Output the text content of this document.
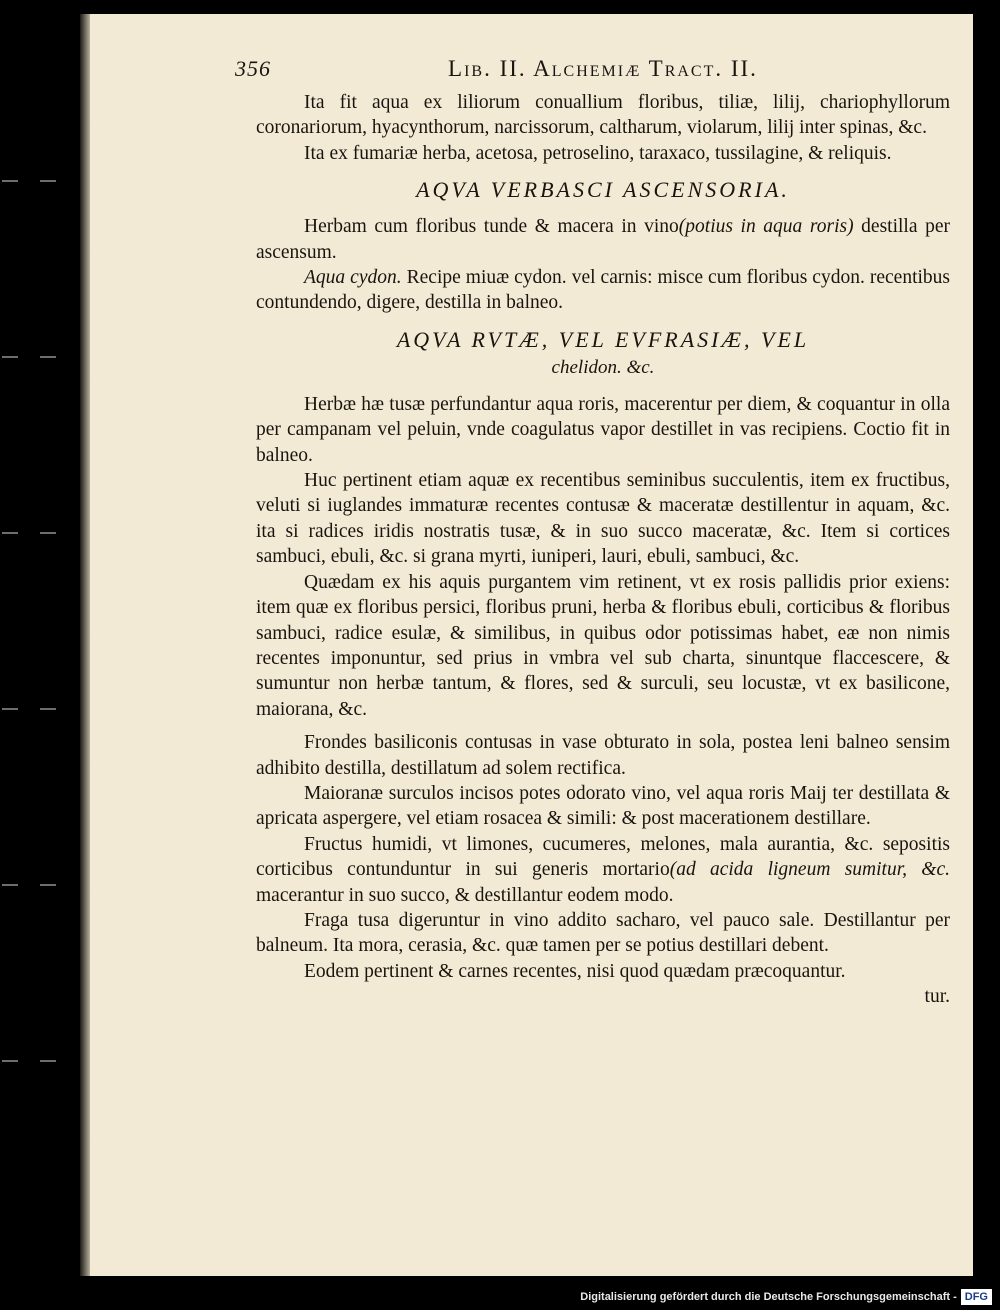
356	Lib. II. Alchemiæ Tract. II.

Ita fit aqua ex liliorum conuallium floribus, tiliæ, lilij, chariophyllorum coronariorum, hyacynthorum, narcissorum, caltharum, violarum, lilij inter spinas, &c.

Ita ex fumariæ herba, acetosa, petroselino, taraxaco, tussilagine, & reliquis.

AQVA VERBASCI ASCENSORIA.

Herbam cum floribus tunde & macera in vino(potius in aqua roris) destilla per ascensum.

Aqua cydon. Recipe miuæ cydon. vel carnis: misce cum floribus cydon. recentibus contundendo, digere, destilla in balneo.

AQVA RVTÆ, VEL EVFRASIÆ, VEL
chelidon. &c.

Herbæ hæ tusæ perfundantur aqua roris, macerentur per diem, & coquantur in olla per campanam vel peluin, vnde coagulatus vapor destillet in vas recipiens. Coctio fit in balneo.

Huc pertinent etiam aquæ ex recentibus seminibus succulentis, item ex fructibus, veluti si iuglandes immaturæ recentes contusæ & maceratæ destillentur in aquam, &c. ita si radices iridis nostratis tusæ, & in suo succo maceratæ, &c. Item si cortices sambuci, ebuli, &c. si grana myrti, iuniperi, lauri, ebuli, sambuci, &c.

Quædam ex his aquis purgantem vim retinent, vt ex rosis pallidis prior exiens: item quæ ex floribus persici, floribus pruni, herba & floribus ebuli, corticibus & floribus sambuci, radice esulæ, & similibus, in quibus odor potissimas habet, eæ non nimis recentes imponuntur, sed prius in vmbra vel sub charta, sinuntque flaccescere, & sumuntur non herbæ tantum, & flores, sed & surculi, seu locustæ, vt ex basilicone, maiorana, &c.

Frondes basiliconis contusas in vase obturato in sola, postea leni balneo sensim adhibito destilla, destillatum ad solem rectifica.

Maioranæ surculos incisos potes odorato vino, vel aqua roris Maij ter destillata & apricata aspergere, vel etiam rosacea & simili: & post macerationem destillare.

Fructus humidi, vt limones, cucumeres, melones, mala aurantia, &c. sepositis corticibus contunduntur in sui generis mortario(ad acida ligneum sumitur, &c. macerantur in suo succo, & destillantur eodem modo.

Fraga tusa digeruntur in vino addito sacharo, vel pauco sale. Destillantur per balneum. Ita mora, cerasia, &c. quæ tamen per se potius destillari debent.

Eodem pertinent & carnes recentes, nisi quod quædam præcoquantur.

tur.
Digitalisierung gefördert durch die Deutsche Forschungsgemeinschaft - DFG
